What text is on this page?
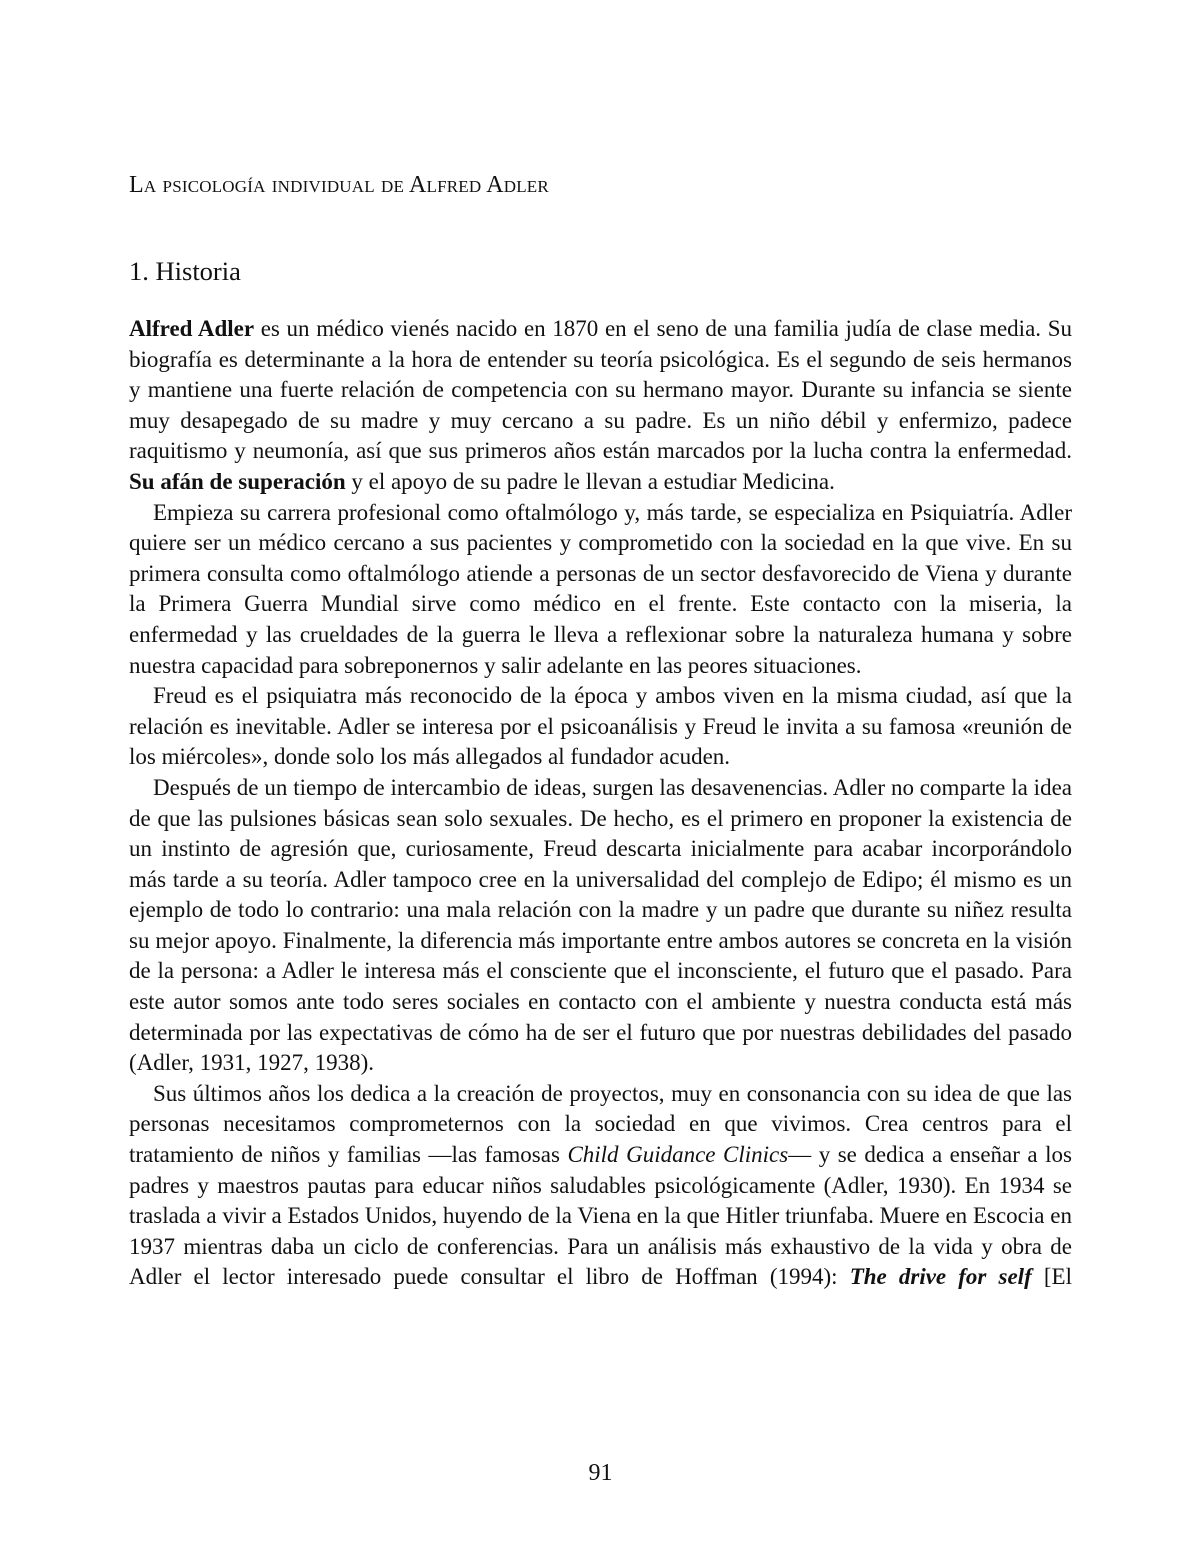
La psicología individual de Alfred Adler
1. Historia

Alfred Adler es un médico vienés nacido en 1870 en el seno de una familia judía de clase media. Su biografía es determinante a la hora de entender su teoría psicológica. Es el segundo de seis hermanos y mantiene una fuerte relación de competencia con su hermano mayor. Durante su infancia se siente muy desapegado de su madre y muy cercano a su padre. Es un niño débil y enfermizo, padece raquitismo y neumonía, así que sus primeros años están marcados por la lucha contra la enfermedad. Su afán de superación y el apoyo de su padre le llevan a estudiar Medicina.

Empieza su carrera profesional como oftalmólogo y, más tarde, se especializa en Psiquiatría. Adler quiere ser un médico cercano a sus pacientes y comprometido con la sociedad en la que vive. En su primera consulta como oftalmólogo atiende a personas de un sector desfavorecido de Viena y durante la Primera Guerra Mundial sirve como médico en el frente. Este contacto con la miseria, la enfermedad y las crueldades de la guerra le lleva a reflexionar sobre la naturaleza humana y sobre nuestra capacidad para sobreponernos y salir adelante en las peores situaciones.

Freud es el psiquiatra más reconocido de la época y ambos viven en la misma ciudad, así que la relación es inevitable. Adler se interesa por el psicoanálisis y Freud le invita a su famosa «reunión de los miércoles», donde solo los más allegados al fundador acuden.

Después de un tiempo de intercambio de ideas, surgen las desavenencias. Adler no comparte la idea de que las pulsiones básicas sean solo sexuales. De hecho, es el primero en proponer la existencia de un instinto de agresión que, curiosamente, Freud descarta inicialmente para acabar incorporándolo más tarde a su teoría. Adler tampoco cree en la universalidad del complejo de Edipo; él mismo es un ejemplo de todo lo contrario: una mala relación con la madre y un padre que durante su niñez resulta su mejor apoyo. Finalmente, la diferencia más importante entre ambos autores se concreta en la visión de la persona: a Adler le interesa más el consciente que el inconsciente, el futuro que el pasado. Para este autor somos ante todo seres sociales en contacto con el ambiente y nuestra conducta está más determinada por las expectativas de cómo ha de ser el futuro que por nuestras debilidades del pasado (Adler, 1931, 1927, 1938).

Sus últimos años los dedica a la creación de proyectos, muy en consonancia con su idea de que las personas necesitamos comprometernos con la sociedad en que vivimos. Crea centros para el tratamiento de niños y familias —las famosas Child Guidance Clinics— y se dedica a enseñar a los padres y maestros pautas para educar niños saludables psicológicamente (Adler, 1930). En 1934 se traslada a vivir a Estados Unidos, huyendo de la Viena en la que Hitler triunfaba. Muere en Escocia en 1937 mientras daba un ciclo de conferencias. Para un análisis más exhaustivo de la vida y obra de Adler el lector interesado puede consultar el libro de Hoffman (1994): The drive for self [El

91
